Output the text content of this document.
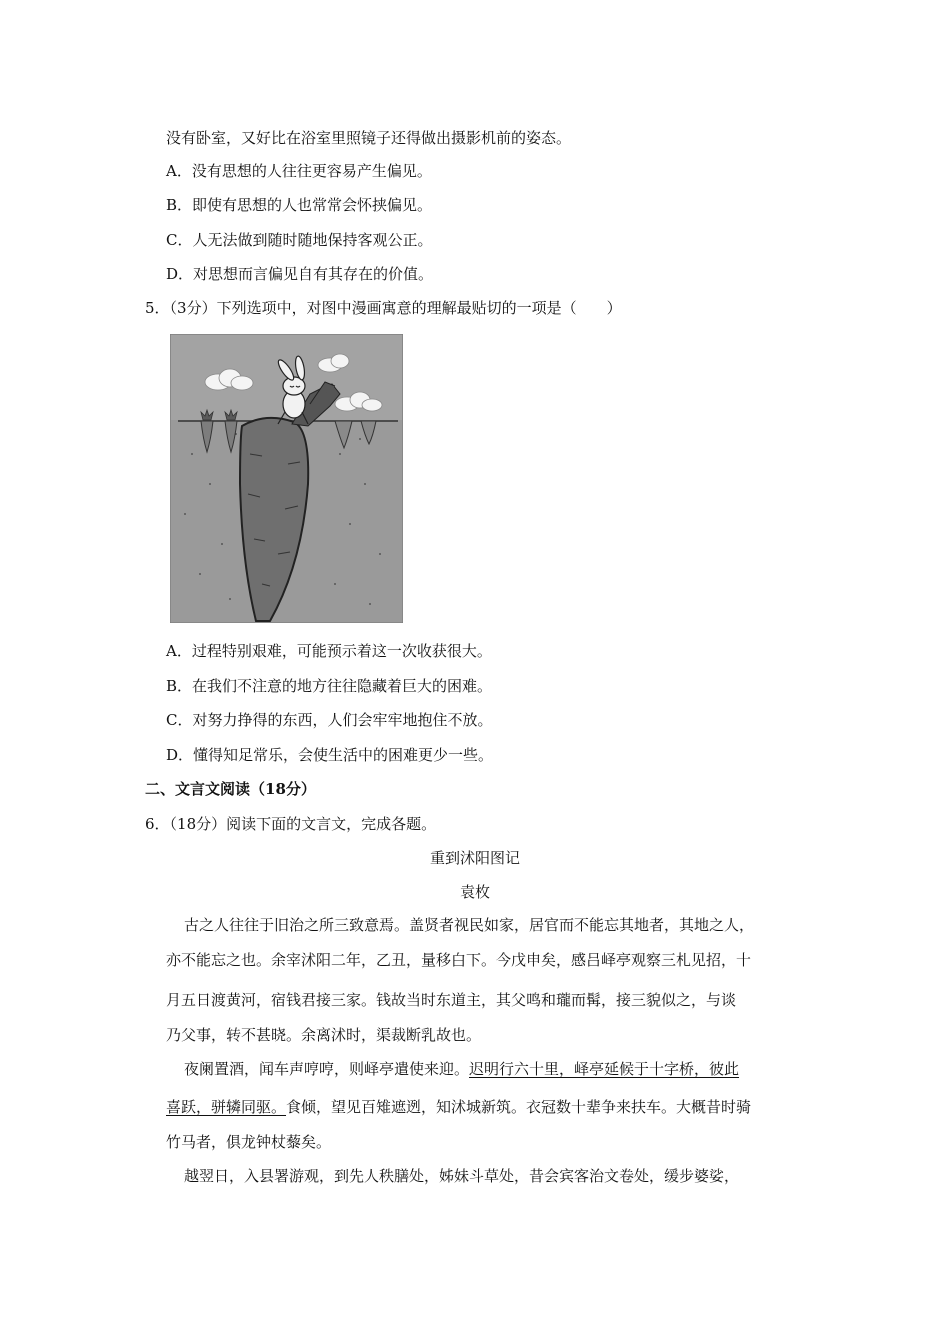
没有卧室，又好比在浴室里照镜子还得做出摄影机前的姿态。
A．没有思想的人往往更容易产生偏见。
B．即使有思想的人也常常会怀挟偏见。
C．人无法做到随时随地保持客观公正。
D．对思想而言偏见自有其存在的价值。
5．（3分）下列选项中，对图中漫画寓意的理解最贴切的一项是（　　）
A．过程特别艰难，可能预示着这一次收获很大。
B．在我们不注意的地方往往隐藏着巨大的困难。
C．对努力挣得的东西，人们会牢牢地抱住不放。
D．懂得知足常乐，会使生活中的困难更少一些。
二、文言文阅读（18分）
6．（18分）阅读下面的文言文，完成各题。
重到沭阳图记
袁枚
古之人往往于旧治之所三致意焉。盖贤者视民如家，居官而不能忘其地者，其地之人，
亦不能忘之也。余宰沭阳二年，乙丑，量移白下。今戊申矣，感吕峄亭观察三札见招，十
月五日渡黄河，宿钱君接三家。钱故当时东道主，其父鸣和瓏而髯，接三貌似之，与谈
乃父事，转不甚晓。余离沭时，渠裁断乳故也。
夜阑置酒，闻车声哼哼，则峄亭遣使来迎。迟明行六十里，峄亭延候于十字桥，彼此
喜跃，骈辚同驱。食倾，望见百雉遮迾，知沭城新筑。衣冠数十辈争来扶车。大概昔时骑
竹马者，俱龙钟杖藜矣。
越翌日，入县署游观，到先人秩膳处，姊妹斗草处，昔会宾客治文卷处，缓步婆娑，
